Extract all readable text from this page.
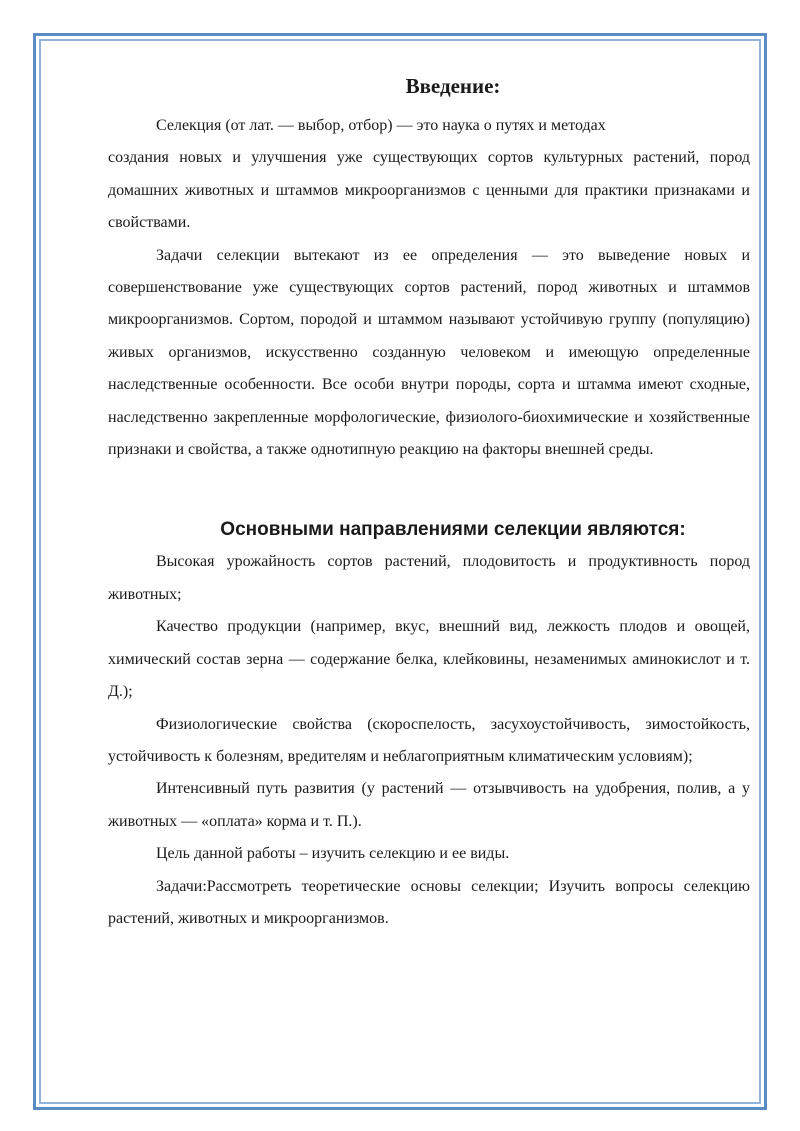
Введение:

Селекция (от лат. — выбор, отбор) — это наука о путях и методах

создания новых и улучшения уже существующих сортов культурных растений, пород домашних животных и штаммов микроорганизмов с ценными для практики признаками и свойствами.

Задачи селекции вытекают из ее определения — это выведение новых и совершенствование уже существующих сортов растений, пород животных и штаммов микроорганизмов. Сортом, породой и штаммом называют устойчивую группу (популяцию) живых организмов, искусственно созданную человеком и имеющую определенные наследственные особенности. Все особи внутри породы, сорта и штамма имеют сходные, наследственно закрепленные морфологические, физиолого-биохимические и хозяйственные признаки и свойства, а также однотипную реакцию на факторы внешней среды.

Основными направлениями селекции являются:

Высокая урожайность сортов растений, плодовитость и продуктивность пород животных;

Качество продукции (например, вкус, внешний вид, лежкость плодов и овощей, химический состав зерна — содержание белка, клейковины, незаменимых аминокислот и т. Д.);

Физиологические свойства (скороспелость, засухоустойчивость, зимостойкость, устойчивость к болезням, вредителям и неблагоприятным климатическим условиям);

Интенсивный путь развития (у растений — отзывчивость на удобрения, полив, а у животных — «оплата» корма и т. П.).

Цель данной работы – изучить селекцию и ее виды.

Задачи:Рассмотреть теоретические основы селекции; Изучить вопросы селекцию растений, животных и микроорганизмов.
